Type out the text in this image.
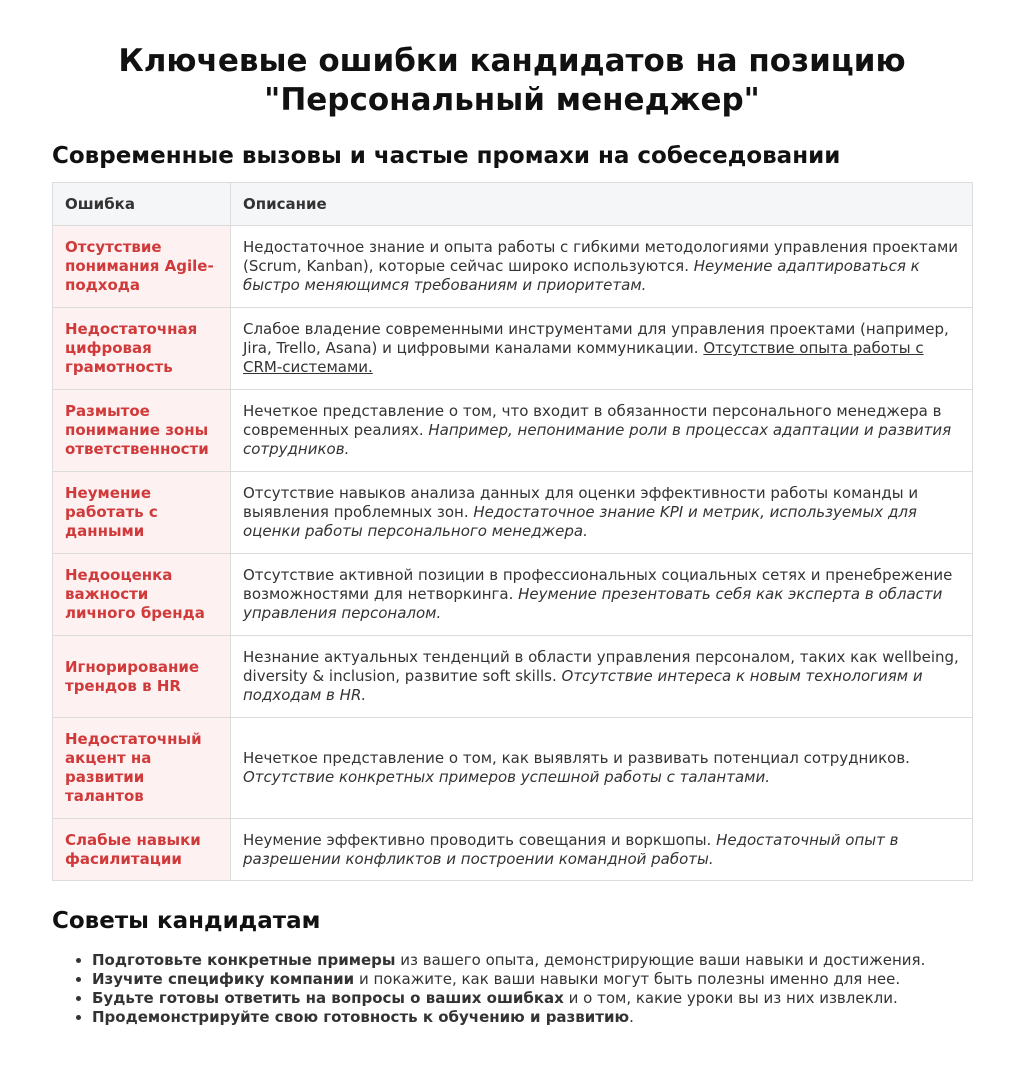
Ключевые ошибки кандидатов на позицию
"Персональный менеджер"
Современные вызовы и частые промахи на собеседовании
Ошибка	Описание
Отсутствие понимания Agile-подхода	Недостаточное знание и опыта работы с гибкими методологиями управления проектами (Scrum, Kanban), которые сейчас широко используются. Неумение адаптироваться к быстро меняющимся требованиям и приоритетам.
Недостаточная цифровая грамотность	Слабое владение современными инструментами для управления проектами (например, Jira, Trello, Asana) и цифровыми каналами коммуникации. Отсутствие опыта работы с CRM-системами.
Размытое понимание зоны ответственности	Нечеткое представление о том, что входит в обязанности персонального менеджера в современных реалиях. Например, непонимание роли в процессах адаптации и развития сотрудников.
Неумение работать с данными	Отсутствие навыков анализа данных для оценки эффективности работы команды и выявления проблемных зон. Недостаточное знание KPI и метрик, используемых для оценки работы персонального менеджера.
Недооценка важности личного бренда	Отсутствие активной позиции в профессиональных социальных сетях и пренебрежение возможностями для нетворкинга. Неумение презентовать себя как эксперта в области управления персоналом.
Игнорирование трендов в HR	Незнание актуальных тенденций в области управления персоналом, таких как wellbeing, diversity & inclusion, развитие soft skills. Отсутствие интереса к новым технологиям и подходам в HR.
Недостаточный акцент на развитии талантов	Нечеткое представление о том, как выявлять и развивать потенциал сотрудников. Отсутствие конкретных примеров успешной работы с талантами.
Слабые навыки фасилитации	Неумение эффективно проводить совещания и воркшопы. Недостаточный опыт в разрешении конфликтов и построении командной работы.
Советы кандидатам
• Подготовьте конкретные примеры из вашего опыта, демонстрирующие ваши навыки и достижения.
• Изучите специфику компании и покажите, как ваши навыки могут быть полезны именно для нее.
• Будьте готовы ответить на вопросы о ваших ошибках и о том, какие уроки вы из них извлекли.
• Продемонстрируйте свою готовность к обучению и развитию.
